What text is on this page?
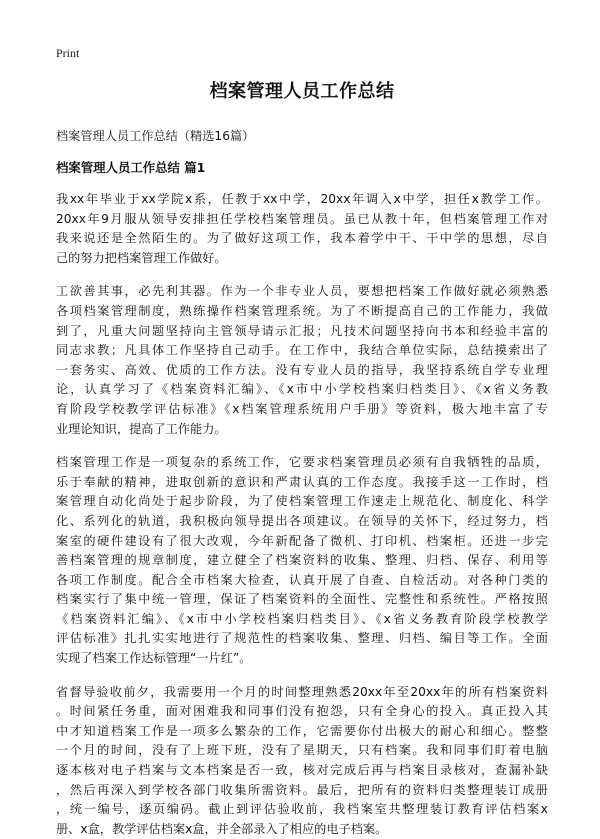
Print
档案管理人员工作总结
档案管理人员工作总结（精选16篇）
档案管理人员工作总结 篇1
我xx年毕业于xx学院x系，任教于xx中学，20xx年调入x中学，担任x教学工作。
20xx年9月服从领导安排担任学校档案管理员。虽已从教十年，但档案管理工作对
我来说还是全然陌生的。为了做好这项工作，我本着学中干、干中学的思想，尽自
己的努力把档案管理工作做好。
工欲善其事，必先利其器。作为一个非专业人员，要想把档案工作做好就必须熟悉
各项档案管理制度，熟练操作档案管理系统。为了不断提高自己的工作能力，我做
到了，凡重大问题坚持向主管领导请示汇报；凡技术问题坚持向书本和经验丰富的
同志求教；凡具体工作坚持自己动手。在工作中，我结合单位实际，总结摸索出了
一套务实、高效、优质的工作方法。没有专业人员的指导，我坚持系统自学专业理
论，认真学习了《档案资料汇编》、《x市中小学校档案归档类目》、《x省义务教
育阶段学校教学评估标准》《x档案管理系统用户手册》等资料，极大地丰富了专
业理论知识，提高了工作能力。
档案管理工作是一项复杂的系统工作，它要求档案管理员必须有自我牺牲的品质，
乐于奉献的精神，进取创新的意识和严肃认真的工作态度。我接手这一工作时，档
案管理自动化尚处于起步阶段，为了使档案管理工作速走上规范化、制度化、科学
化、系列化的轨道，我积极向领导提出各项建议。在领导的关怀下，经过努力，档
案室的硬件建设有了很大改观，今年新配备了微机、打印机、档案柜。还进一步完
善档案管理的规章制度，建立健全了档案资料的收集、整理、归档、保存、利用等
各项工作制度。配合全市档案大检查，认真开展了自查、自检活动。对各种门类的
档案实行了集中统一管理，保证了档案资料的全面性、完整性和系统性。严格按照
《档案资料汇编》、《x市中小学校档案归档类目》、《x省义务教育阶段学校教学
评估标准》扎扎实实地进行了规范性的档案收集、整理、归档、编目等工作。全面
实现了档案工作达标管理“一片红”。
省督导验收前夕，我需要用一个月的时间整理熟悉20xx年至20xx年的所有档案资料
。时间紧任务重，面对困难我和同事们没有抱怨，只有全身心的投入。真正投入其
中才知道档案工作是一项多么繁杂的工作，它需要你付出极大的耐心和细心。整整
一个月的时间，没有了上班下班，没有了星期天，只有档案。我和同事们盯着电脑
逐本核对电子档案与文本档案是否一致，核对完成后再与档案目录核对，查漏补缺
，然后再深入到学校各部门收集所需资料。最后，把所有的资料归类整理装订成册
，统一编号，逐页编码。截止到评估验收前，我档案室共整理装订教育评估档案x
册、x盒，教学评估档案x盒，并全部录入了相应的电子档案。
